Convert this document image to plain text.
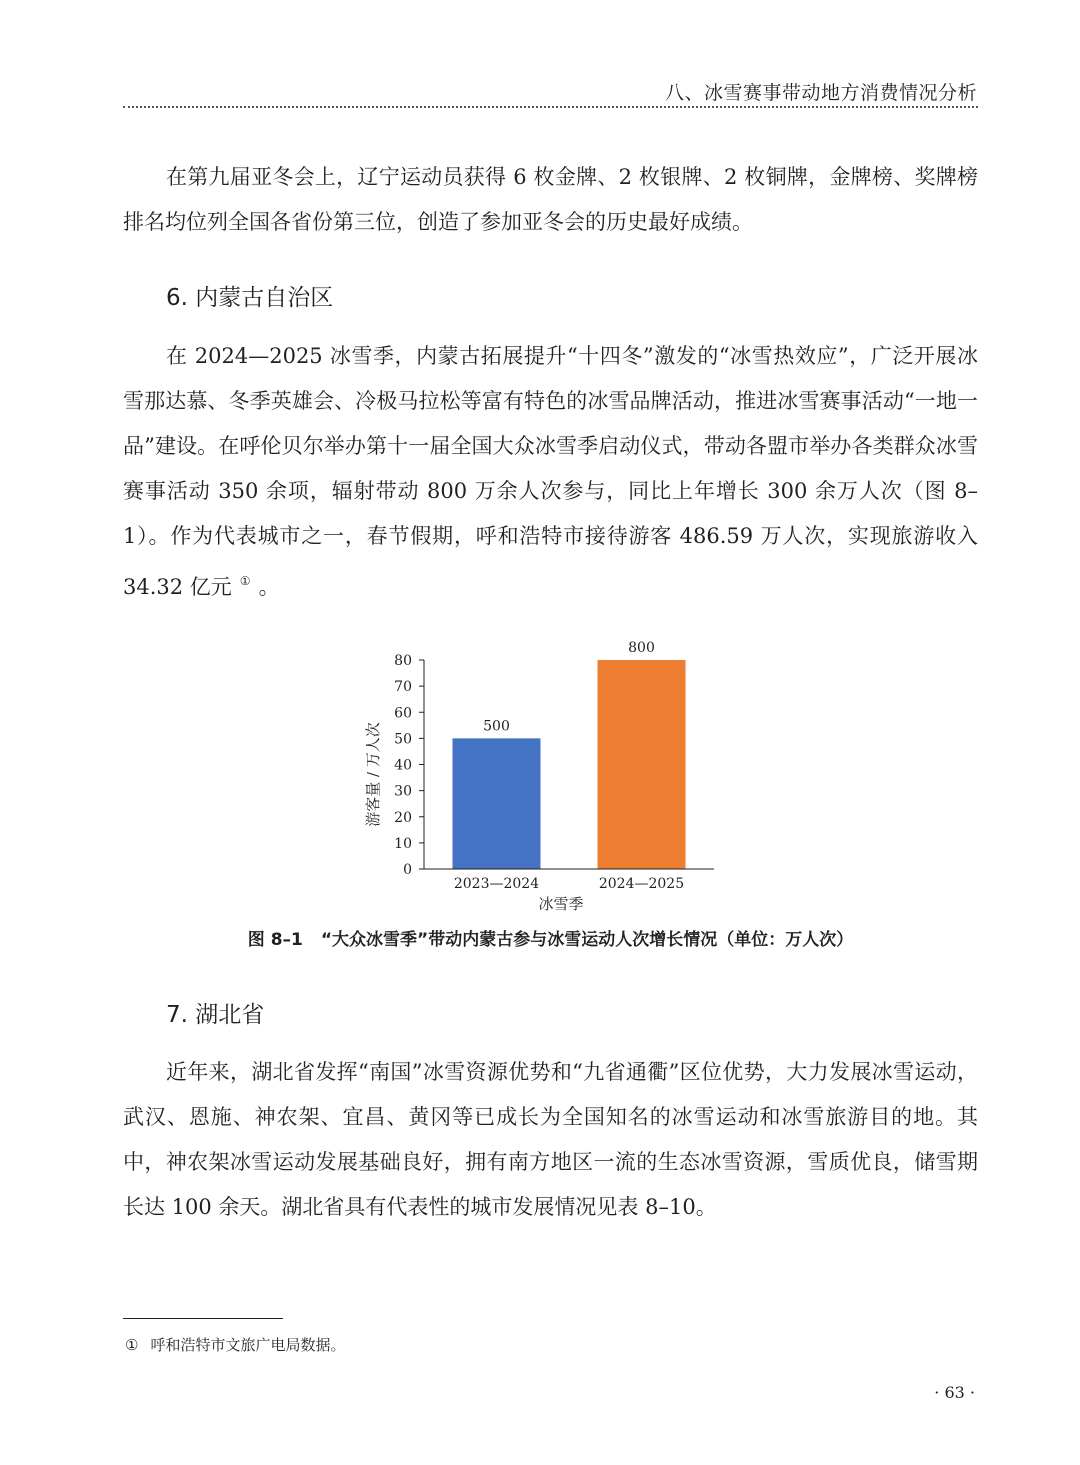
八、冰雪赛事带动地方消费情况分析

在第九届亚冬会上，辽宁运动员获得 6 枚金牌、2 枚银牌、2 枚铜牌，金牌榜、奖牌榜排名均位列全国各省份第三位，创造了参加亚冬会的历史最好成绩。

6. 内蒙古自治区

在 2024—2025 冰雪季，内蒙古拓展提升“十四冬”激发的“冰雪热效应”，广泛开展冰雪那达慕、冬季英雄会、冷极马拉松等富有特色的冰雪品牌活动，推进冰雪赛事活动“一地一品”建设。在呼伦贝尔举办第十一届全国大众冰雪季启动仪式，带动各盟市举办各类群众冰雪赛事活动 350 余项，辐射带动 800 万余人次参与，同比上年增长 300 余万人次（图 8–1）。作为代表城市之一，春节假期，呼和浩特市接待游客 486.59 万人次，实现旅游收入 34.32 亿元 ① 。

0
10
20
30
40
50
60
70
80
500
800
2023—2024	2024—2025
冰雪季
游客量 / 万人次
图 8–1 “大众冰雪季”带动内蒙古参与冰雪运动人次增长情况（单位：万人次）
7. 湖北省

近年来，湖北省发挥“南国”冰雪资源优势和“九省通衢”区位优势，大力发展冰雪运动，武汉、恩施、神农架、宜昌、黄冈等已成长为全国知名的冰雪运动和冰雪旅游目的地。其中，神农架冰雪运动发展基础良好，拥有南方地区一流的生态冰雪资源，雪质优良，储雪期长达 100 余天。湖北省具有代表性的城市发展情况见表 8–10。

① 呼和浩特市文旅广电局数据。
· 63 ·
